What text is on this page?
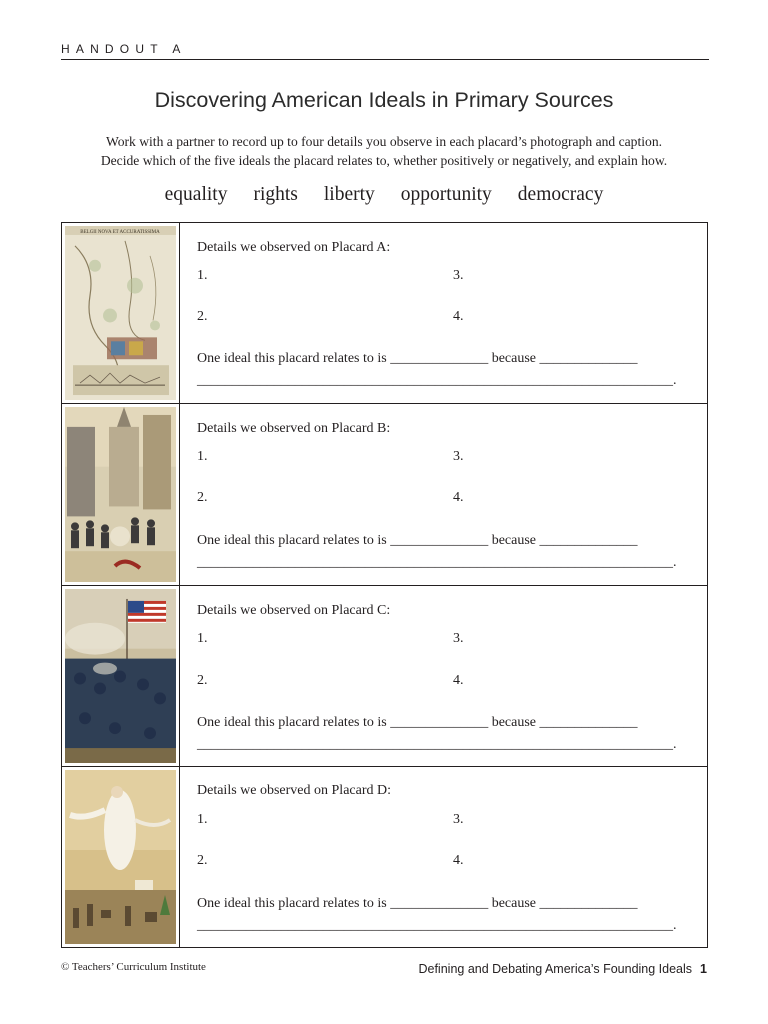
HANDOUT A
Discovering American Ideals in Primary Sources

Work with a partner to record up to four details you observe in each placard’s photograph and caption.

Decide which of the five ideals the placard relates to, whether positively or negatively, and explain how.

equality rights liberty opportunity democracy
BELGII NOVA ET ACCURATISSIMA
Details we observed on Placard A:
1.	3.
2.	4.
One ideal this placard relates to is ______________ because ______________
____________________________________________________________________.
Details we observed on Placard B:
1.	3.
2.	4.
One ideal this placard relates to is ______________ because ______________
____________________________________________________________________.
Details we observed on Placard C:
1.	3.
2.	4.
One ideal this placard relates to is ______________ because ______________
____________________________________________________________________.
Details we observed on Placard D:
1.	3.
2.	4.
One ideal this placard relates to is ______________ because ______________
____________________________________________________________________.
© Teachers’ Curriculum Institute	Defining and Debating America’s Founding Ideals 1
